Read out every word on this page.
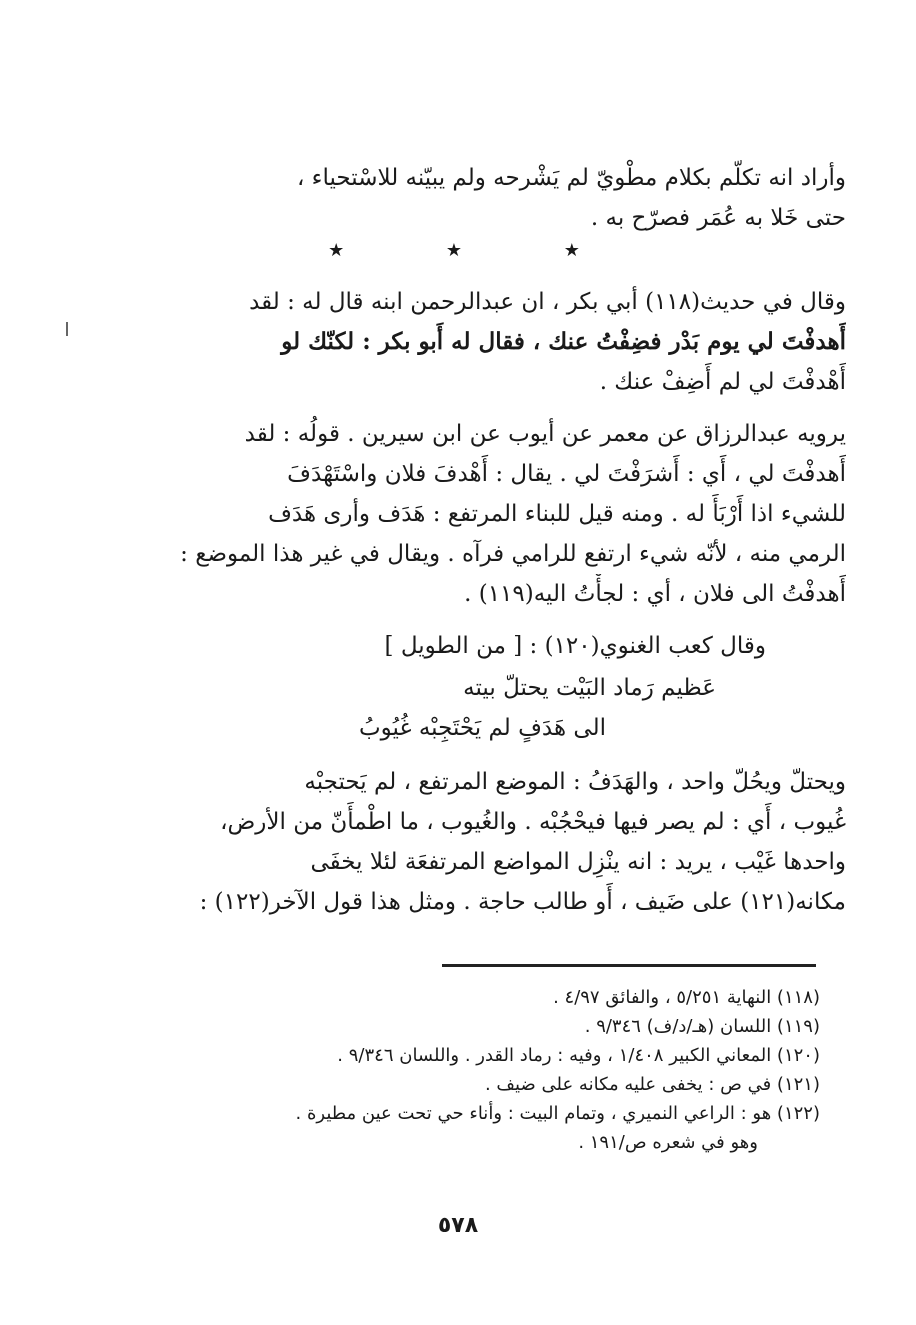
وأراد انه تكلّم بكلام مطْويّ لم يَشْرحه ولم يبيّنه للاسْتحياء ،
حتى خَلا به عُمَر فصرّح به .
★ ★ ★
وقال في حديث(١١٨) أبي بكر ، ان عبدالرحمن ابنه قال له : لقد
أَهدفْتَ لي يوم بَدْر فضِفْتُ عنك ، فقال له أَبو بكر : لكنّك لو
أَهْدفْتَ لي لم أَضِفْ عنك .
يرويه عبدالرزاق عن معمر عن أيوب عن ابن سيرين . قولُه : لقد
أَهدفْتَ لي ، أَي : أَشرَفْتَ لي . يقال : أَهْدفَ فلان واسْتَهْدَفَ
للشيء اذا أَرْبَأَ له . ومنه قيل للبناء المرتفع : هَدَف وأرى هَدَف
الرمي منه ، لأنّه شيء ارتفع للرامي فرآه . ويقال في غير هذا الموضع :
أَهدفْتُ الى فلان ، أي : لجأْتُ اليه(١١٩) .
وقال كعب الغنوي(١٢٠) : [ من الطويل ]
عَظيم رَماد البَيْت يحتلّ بيته
الى هَدَفٍ لم يَحْتَجِبْه غُيُوبُ
ويحتلّ ويحُلّ واحد ، والهَدَفُ : الموضع المرتفع ، لم يَحتجبْه
غُيوب ، أَي : لم يصر فيها فيحْجُبْه . والغُيوب ، ما اطْمأَنّ من الأرض،
واحدها غَيْب ، يريد : انه ينْزِل المواضع المرتفعَة لئلا يخفَى
مكانه(١٢١) على ضَيف ، أَو طالب حاجة . ومثل هذا قول الآخر(١٢٢) :
(١١٨) النهاية ٥/٢٥١ ، والفائق ٤/٩٧ .
(١١٩) اللسان (هـ/د/ف) ٩/٣٤٦ .
(١٢٠) المعاني الكبير ١/٤٠٨ ، وفيه : رماد القدر . واللسان ٩/٣٤٦ .
(١٢١) في ص : يخفى عليه مكانه على ضيف .
(١٢٢) هو : الراعي النميري ، وتمام البيت : وأناء حي تحت عين مطيرة .
وهو في شعره ص/١٩١ .
٥٧٨
